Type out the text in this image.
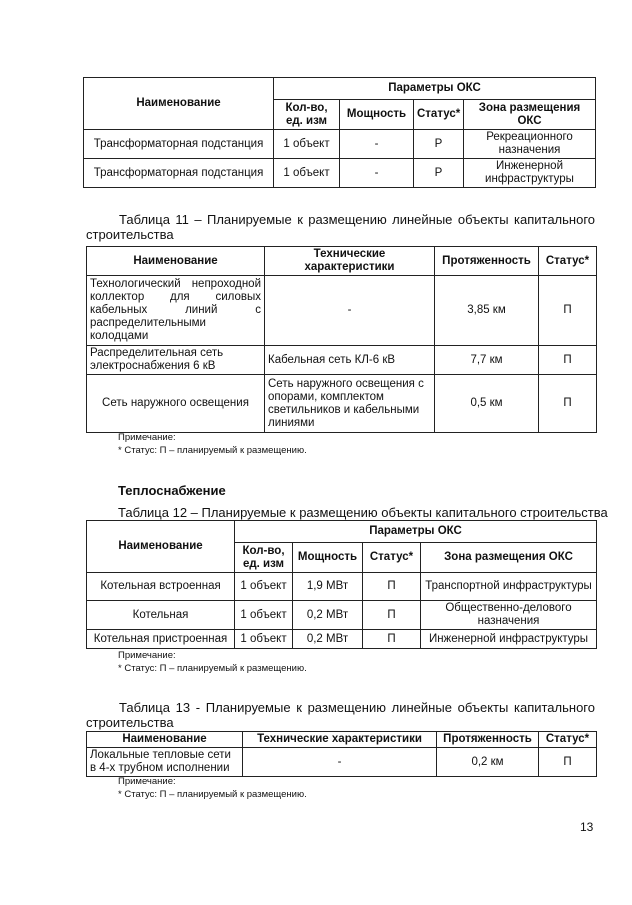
Наименование	Параметры ОКС			
	Кол-во, ед. изм	Мощность	Статус*	Зона размещения ОКС
Трансформаторная подстанция	1 объект	-	Р	Рекреационного назначения
Трансформаторная подстанция	1 объект	-	Р	Инженерной инфраструктуры
Таблица 11 – Планируемые к размещению линейные объекты капитального строительства
Наименование	Технические характеристики	Протяженность	Статус*
Технологический непроходной коллектор для силовых кабельных линий с распределительными колодцами	-	3,85 км	П
Распределительная сеть электроснабжения 6 кВ	Кабельная сеть КЛ-6 кВ	7,7 км	П
Сеть наружного освещения	Сеть наружного освещения с опорами, комплектом светильников и кабельными линиями	0,5 км	П
Примечание:
* Статус: П – планируемый к размещению.
Теплоснабжение
Таблица 12 – Планируемые к размещению объекты капитального строительства
Наименование	Параметры ОКС			
	Кол-во, ед. изм	Мощность	Статус*	Зона размещения ОКС
Котельная встроенная	1 объект	1,9 МВт	П	Транспортной инфраструктуры
Котельная	1 объект	0,2 МВт	П	Общественно-делового назначения
Котельная пристроенная	1 объект	0,2 МВт	П	Инженерной инфраструктуры
Примечание:
* Статус: П – планируемый к размещению.
Таблица 13 - Планируемые к размещению линейные объекты капитального строительства
Наименование	Технические характеристики	Протяженность	Статус*
Локальные тепловые сети в 4-х трубном исполнении	-	0,2 км	П
Примечание:
* Статус: П – планируемый к размещению.
13
